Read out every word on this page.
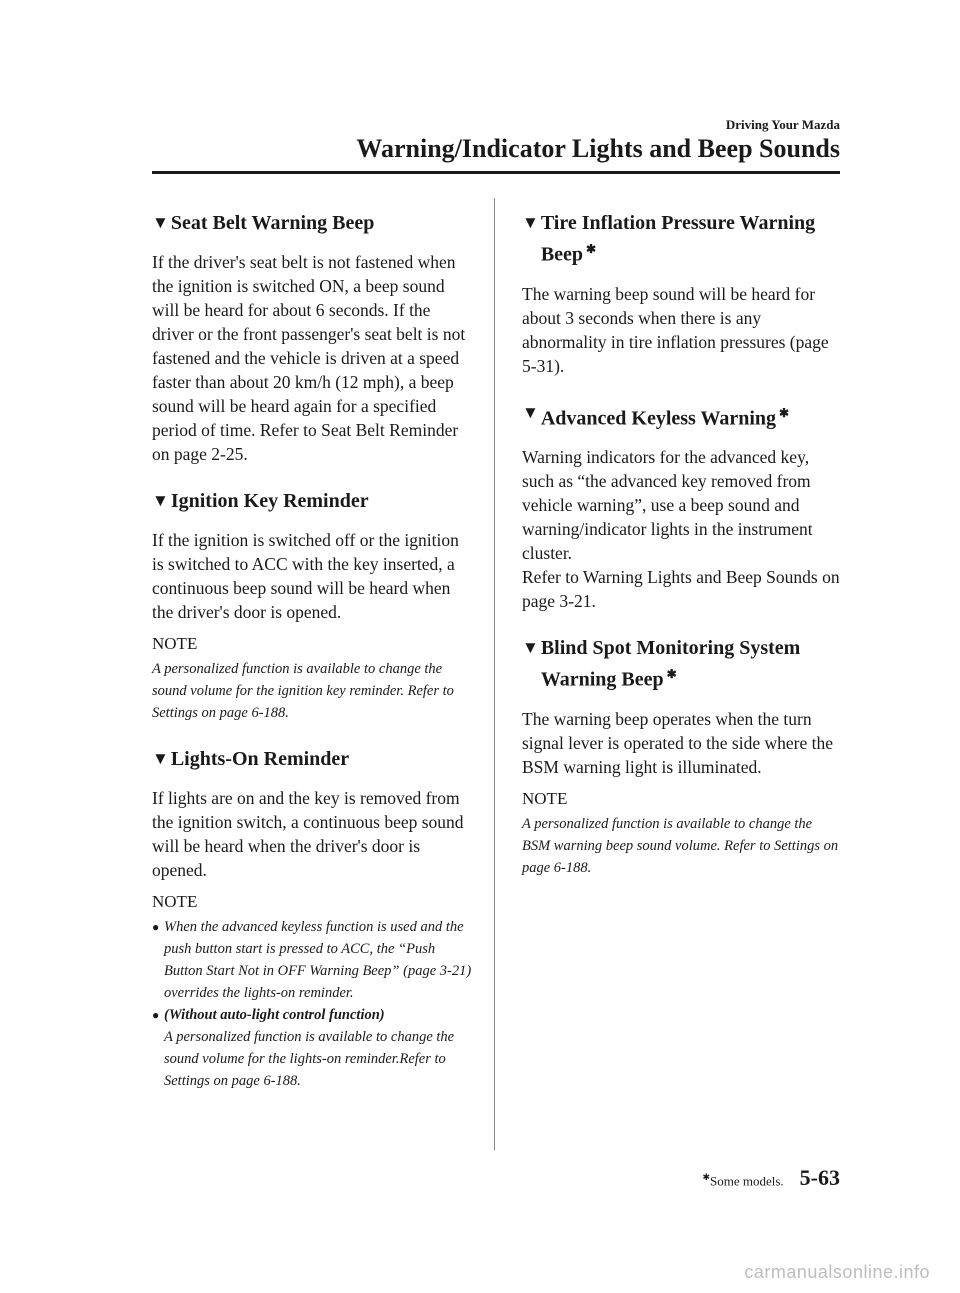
Driving Your Mazda
Warning/Indicator Lights and Beep Sounds
▼ Seat Belt Warning Beep

If the driver's seat belt is not fastened when the ignition is switched ON, a beep sound will be heard for about 6 seconds. If the driver or the front passenger's seat belt is not fastened and the vehicle is driven at a speed faster than about 20 km/h (12 mph), a beep sound will be heard again for a specified period of time. Refer to Seat Belt Reminder on page 2-25.

▼ Ignition Key Reminder

If the ignition is switched off or the ignition is switched to ACC with the key inserted, a continuous beep sound will be heard when the driver's door is opened.

NOTE

A personalized function is available to change the sound volume for the ignition key reminder. Refer to Settings on page 6-188.

▼ Lights-On Reminder

If lights are on and the key is removed from the ignition switch, a continuous beep sound will be heard when the driver's door is opened.

NOTE
● When the advanced keyless function is used and the push button start is pressed to ACC, the “Push Button Start Not in OFF Warning Beep” (page 3-21) overrides the lights-on reminder.
● (Without auto-light control function)
A personalized function is available to change the sound volume for the lights-on reminder.Refer to Settings on page 6-188.
▼ Tire Inflation Pressure Warning Beep ✱

The warning beep sound will be heard for about 3 seconds when there is any abnormality in tire inflation pressures (page 5-31).

▼ Advanced Keyless Warning ✱

Warning indicators for the advanced key, such as “the advanced key removed from vehicle warning”, use a beep sound and warning/indicator lights in the instrument cluster.

Refer to Warning Lights and Beep Sounds on page 3-21.

▼ Blind Spot Monitoring System Warning Beep ✱

The warning beep operates when the turn signal lever is operated to the side where the BSM warning light is illuminated.

NOTE

A personalized function is available to change the BSM warning beep sound volume. Refer to Settings on page 6-188.

✱Some models. 5-63
carmanualsonline.info
